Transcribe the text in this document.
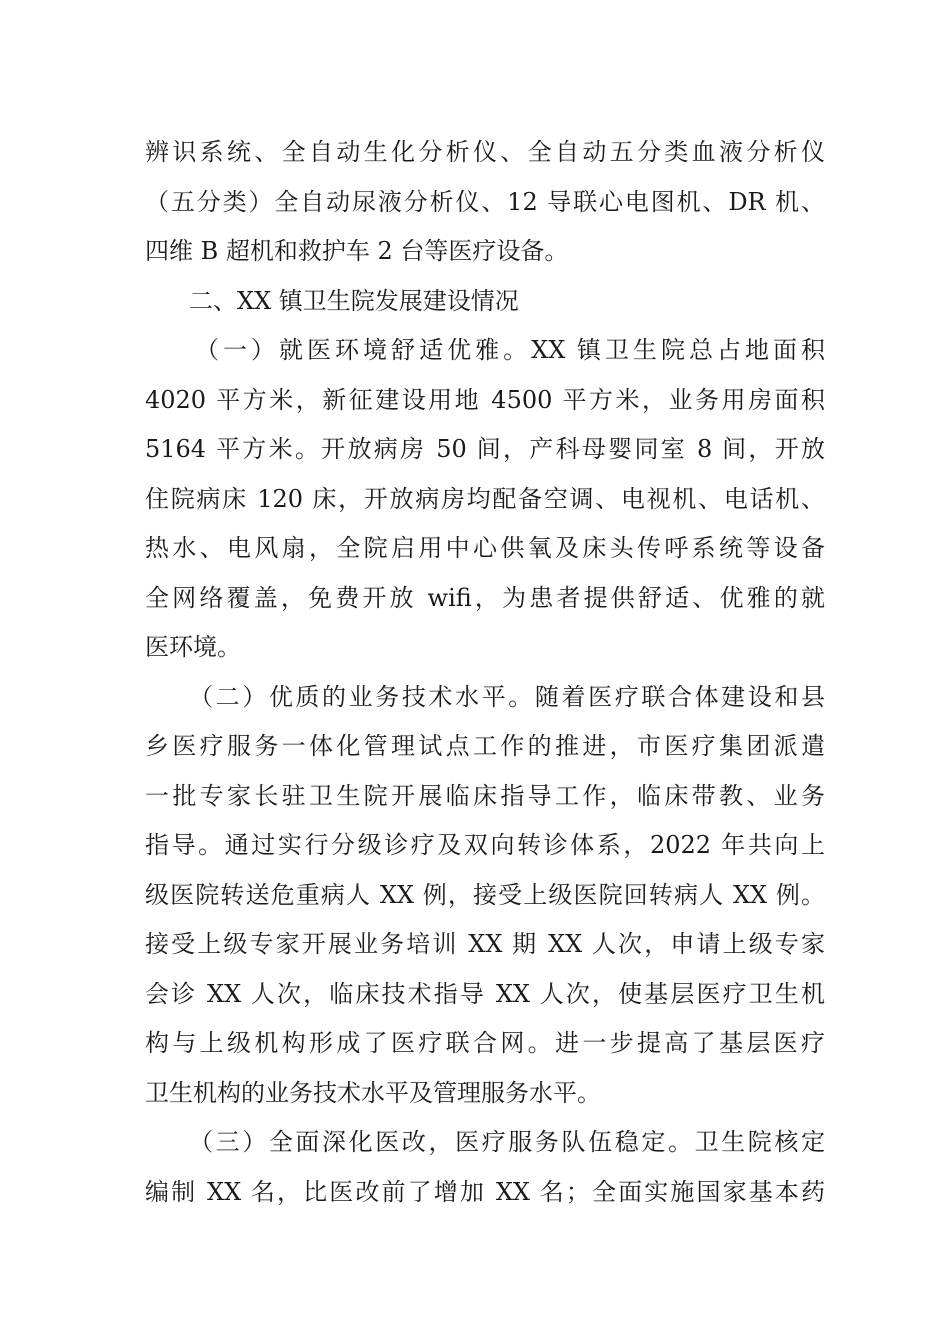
辨识系统、全自动生化分析仪、全自动五分类血液分析仪
（五分类）全自动尿液分析仪、12 导联心电图机、DR 机、
四维 B 超机和救护车 2 台等医疗设备。
二、XX 镇卫生院发展建设情况
（一）就医环境舒适优雅。XX 镇卫生院总占地面积
4020 平方米，新征建设用地 4500 平方米，业务用房面积
5164 平方米。开放病房 50 间，产科母婴同室 8 间，开放
住院病床 120 床，开放病房均配备空调、电视机、电话机、
热水、电风扇，全院启用中心供氧及床头传呼系统等设备
全网络覆盖，免费开放 wifi，为患者提供舒适、优雅的就
医环境。
（二）优质的业务技术水平。随着医疗联合体建设和县
乡医疗服务一体化管理试点工作的推进，市医疗集团派遣
一批专家长驻卫生院开展临床指导工作，临床带教、业务
指导。通过实行分级诊疗及双向转诊体系，2022 年共向上
级医院转送危重病人 XX 例，接受上级医院回转病人 XX 例。
接受上级专家开展业务培训 XX 期 XX 人次，申请上级专家
会诊 XX 人次，临床技术指导 XX 人次，使基层医疗卫生机
构与上级机构形成了医疗联合网。进一步提高了基层医疗
卫生机构的业务技术水平及管理服务水平。
（三）全面深化医改，医疗服务队伍稳定。卫生院核定
编制 XX 名，比医改前了增加 XX 名；全面实施国家基本药
